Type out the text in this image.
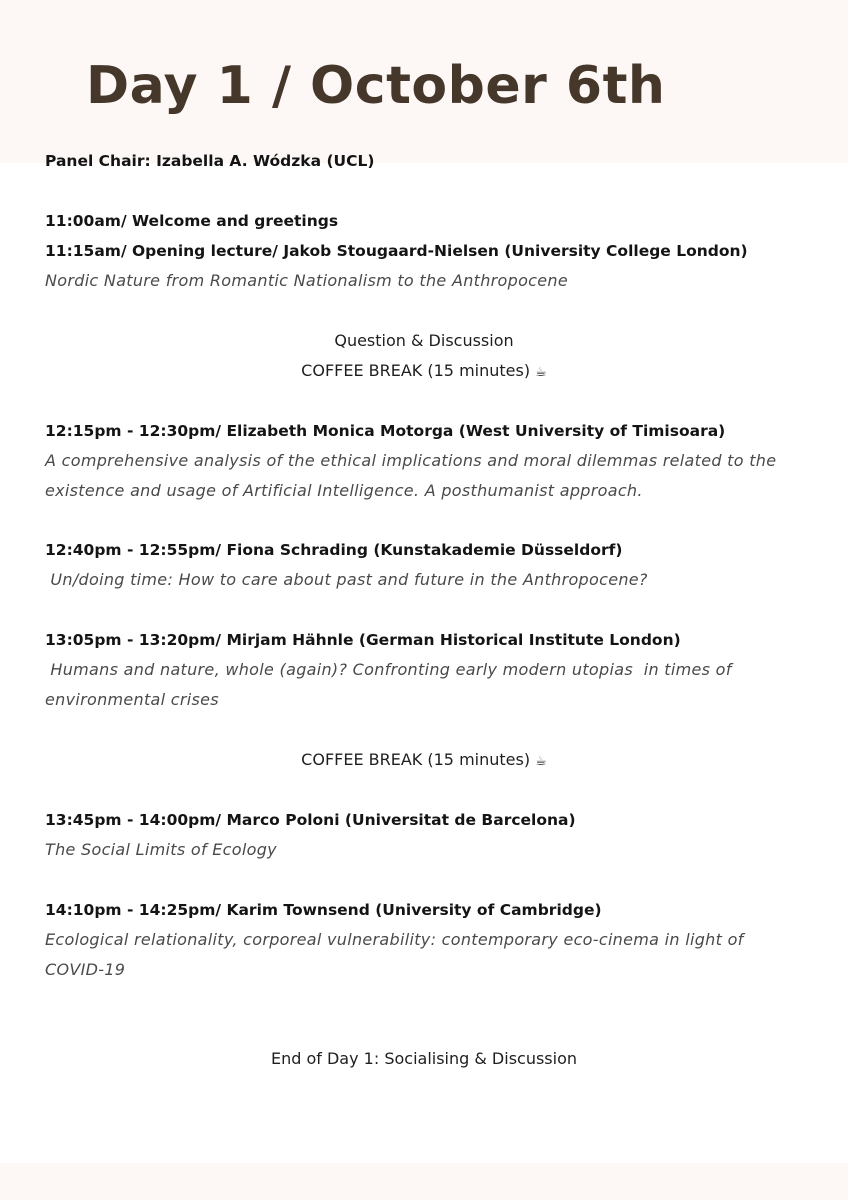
Day 1 / October 6th
Panel Chair: Izabella A. Wódzka (UCL)
11:00am/ Welcome and greetings
11:15am/ Opening lecture/ Jakob Stougaard-Nielsen (University College London)
Nordic Nature from Romantic Nationalism to the Anthropocene
Question & Discussion
COFFEE BREAK (15 minutes) ☕
12:15pm - 12:30pm/ Elizabeth Monica Motorga (West University of Timisoara)
A comprehensive analysis of the ethical implications and moral dilemmas related to the
existence and usage of Artificial Intelligence. A posthumanist approach.
12:40pm - 12:55pm/ Fiona Schrading (Kunstakademie Düsseldorf)
Un/doing time: How to care about past and future in the Anthropocene?
13:05pm - 13:20pm/ Mirjam Hähnle (German Historical Institute London)
Humans and nature, whole (again)? Confronting early modern utopias  in times of
environmental crises
COFFEE BREAK (15 minutes) ☕
13:45pm - 14:00pm/ Marco Poloni (Universitat de Barcelona)
The Social Limits of Ecology
14:10pm - 14:25pm/ Karim Townsend (University of Cambridge)
Ecological relationality, corporeal vulnerability: contemporary eco-cinema in light of
COVID-19
End of Day 1: Socialising & Discussion
